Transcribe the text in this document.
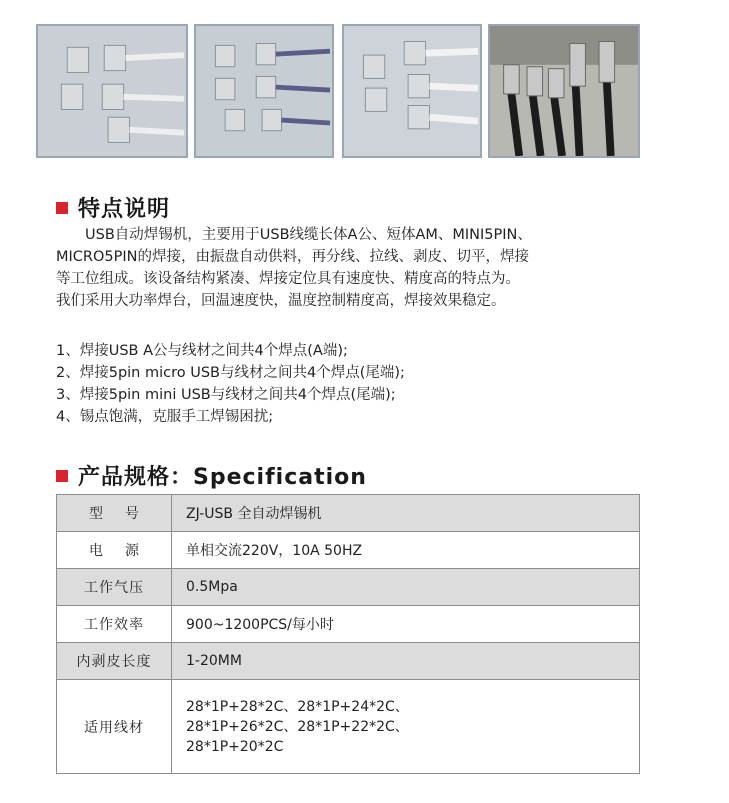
特点说明

　　USB自动焊锡机，主要用于USB线缆长体A公、短体AM、MINI5PIN、

MICRO5PIN的焊接，由振盘自动供料，再分线、拉线、剥皮、切平，焊接

等工位组成。该设备结构紧凑、焊接定位具有速度快、精度高的特点为。

我们采用大功率焊台，回温速度快，温度控制精度高，焊接效果稳定。

1、焊接USB A公与线材之间共4个焊点(A端);

2、焊接5pin micro USB与线材之间共4个焊点(尾端);

3、焊接5pin mini USB与线材之间共4个焊点(尾端);

4、锡点饱满，克服手工焊锡困扰;

产品规格：Specification
型号	ZJ-USB 全自动焊锡机
电源	单相交流220V，10A 50HZ
工作气压	0.5Mpa
工作效率	900~1200PCS/每小时
内剥皮长度	1-20MM
适用线材	28*1P+28*2C、28*1P+24*2C、

28*1P+26*2C、28*1P+22*2C、

28*1P+20*2C
